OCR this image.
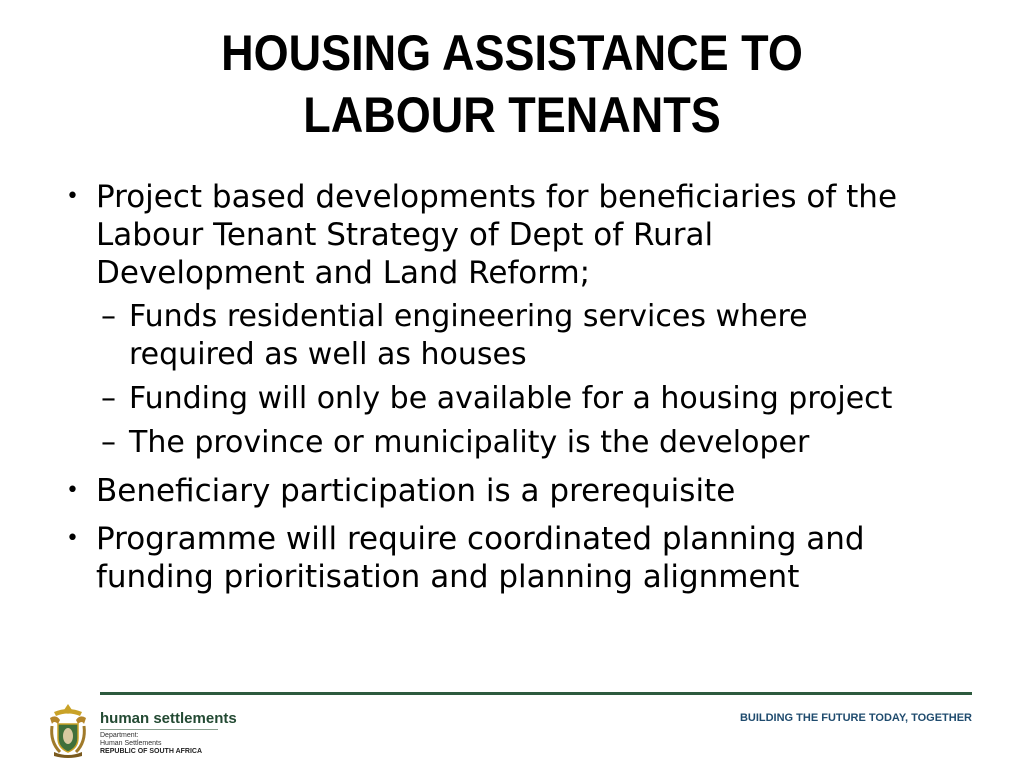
HOUSING ASSISTANCE TO
LABOUR TENANTS
• Project based developments for beneficiaries of the
Labour Tenant Strategy of Dept of Rural
Development and Land Reform;
– Funds residential engineering services where
required as well as houses
– Funding will only be available for a housing project
– The province or municipality is the developer
• Beneficiary participation is a prerequisite
• Programme will require coordinated planning and
funding prioritisation and planning alignment
human settlements
Department:
Human Settlements
REPUBLIC OF SOUTH AFRICA
BUILDING THE FUTURE TODAY, TOGETHER
